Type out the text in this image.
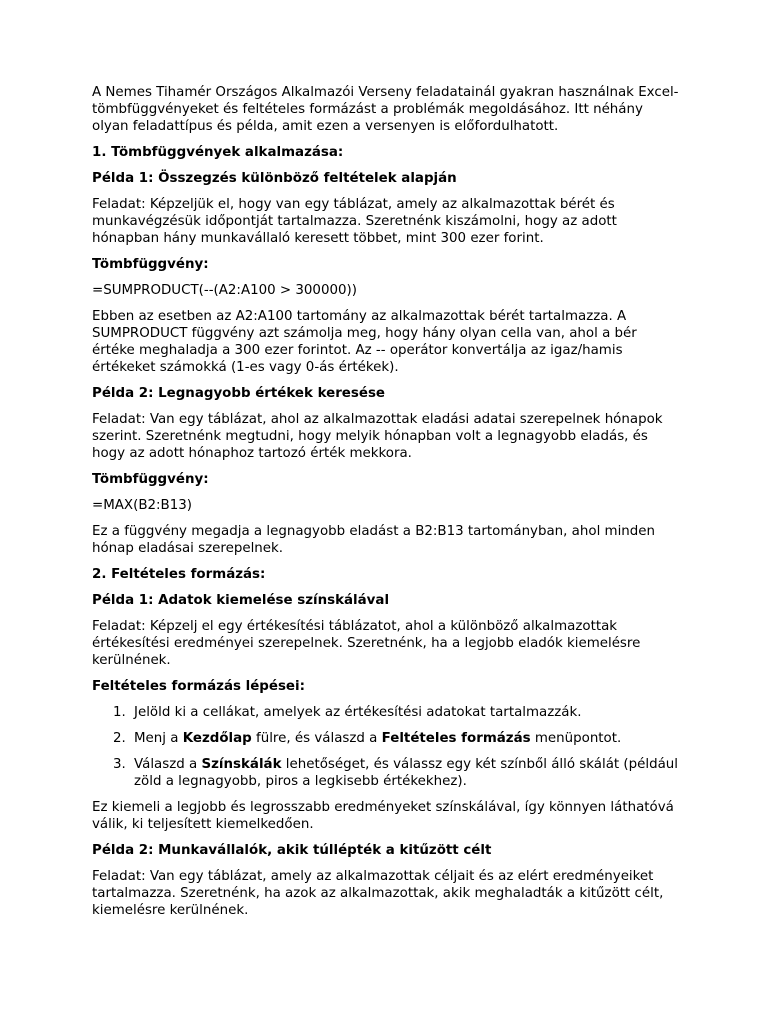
A Nemes Tihamér Országos Alkalmazói Verseny feladatainál gyakran használnak Excel-tömbfüggvényeket és feltételes formázást a problémák megoldásához. Itt néhány olyan feladattípus és példa, amit ezen a versenyen is előfordulhatott.

1. Tömbfüggvények alkalmazása:

Példa 1: Összegzés különböző feltételek alapján

Feladat: Képzeljük el, hogy van egy táblázat, amely az alkalmazottak bérét és munkavégzésük időpontját tartalmazza. Szeretnénk kiszámolni, hogy az adott hónapban hány munkavállaló keresett többet, mint 300 ezer forint.

Tömbfüggvény:

=SUMPRODUCT(--(A2:A100 > 300000))

Ebben az esetben az A2:A100 tartomány az alkalmazottak bérét tartalmazza. A SUMPRODUCT függvény azt számolja meg, hogy hány olyan cella van, ahol a bér értéke meghaladja a 300 ezer forintot. Az -- operátor konvertálja az igaz/hamis értékeket számokká (1-es vagy 0-ás értékek).

Példa 2: Legnagyobb értékek keresése

Feladat: Van egy táblázat, ahol az alkalmazottak eladási adatai szerepelnek hónapok szerint. Szeretnénk megtudni, hogy melyik hónapban volt a legnagyobb eladás, és hogy az adott hónaphoz tartozó érték mekkora.

Tömbfüggvény:

=MAX(B2:B13)

Ez a függvény megadja a legnagyobb eladást a B2:B13 tartományban, ahol minden hónap eladásai szerepelnek.

2. Feltételes formázás:

Példa 1: Adatok kiemelése színskálával

Feladat: Képzelj el egy értékesítési táblázatot, ahol a különböző alkalmazottak értékesítési eredményei szerepelnek. Szeretnénk, ha a legjobb eladók kiemelésre kerülnének.

Feltételes formázás lépései:

1. Jelöld ki a cellákat, amelyek az értékesítési adatokat tartalmazzák.
2. Menj a Kezdőlap fülre, és válaszd a Feltételes formázás menüpontot.
3. Válaszd a Színskálák lehetőséget, és válassz egy két színből álló skálát (például zöld a legnagyobb, piros a legkisebb értékekhez).

Ez kiemeli a legjobb és legrosszabb eredményeket színskálával, így könnyen láthatóvá válik, ki teljesített kiemelkedően.

Példa 2: Munkavállalók, akik túllépték a kitűzött célt

Feladat: Van egy táblázat, amely az alkalmazottak céljait és az elért eredményeiket tartalmazza. Szeretnénk, ha azok az alkalmazottak, akik meghaladták a kitűzött célt, kiemelésre kerülnének.
